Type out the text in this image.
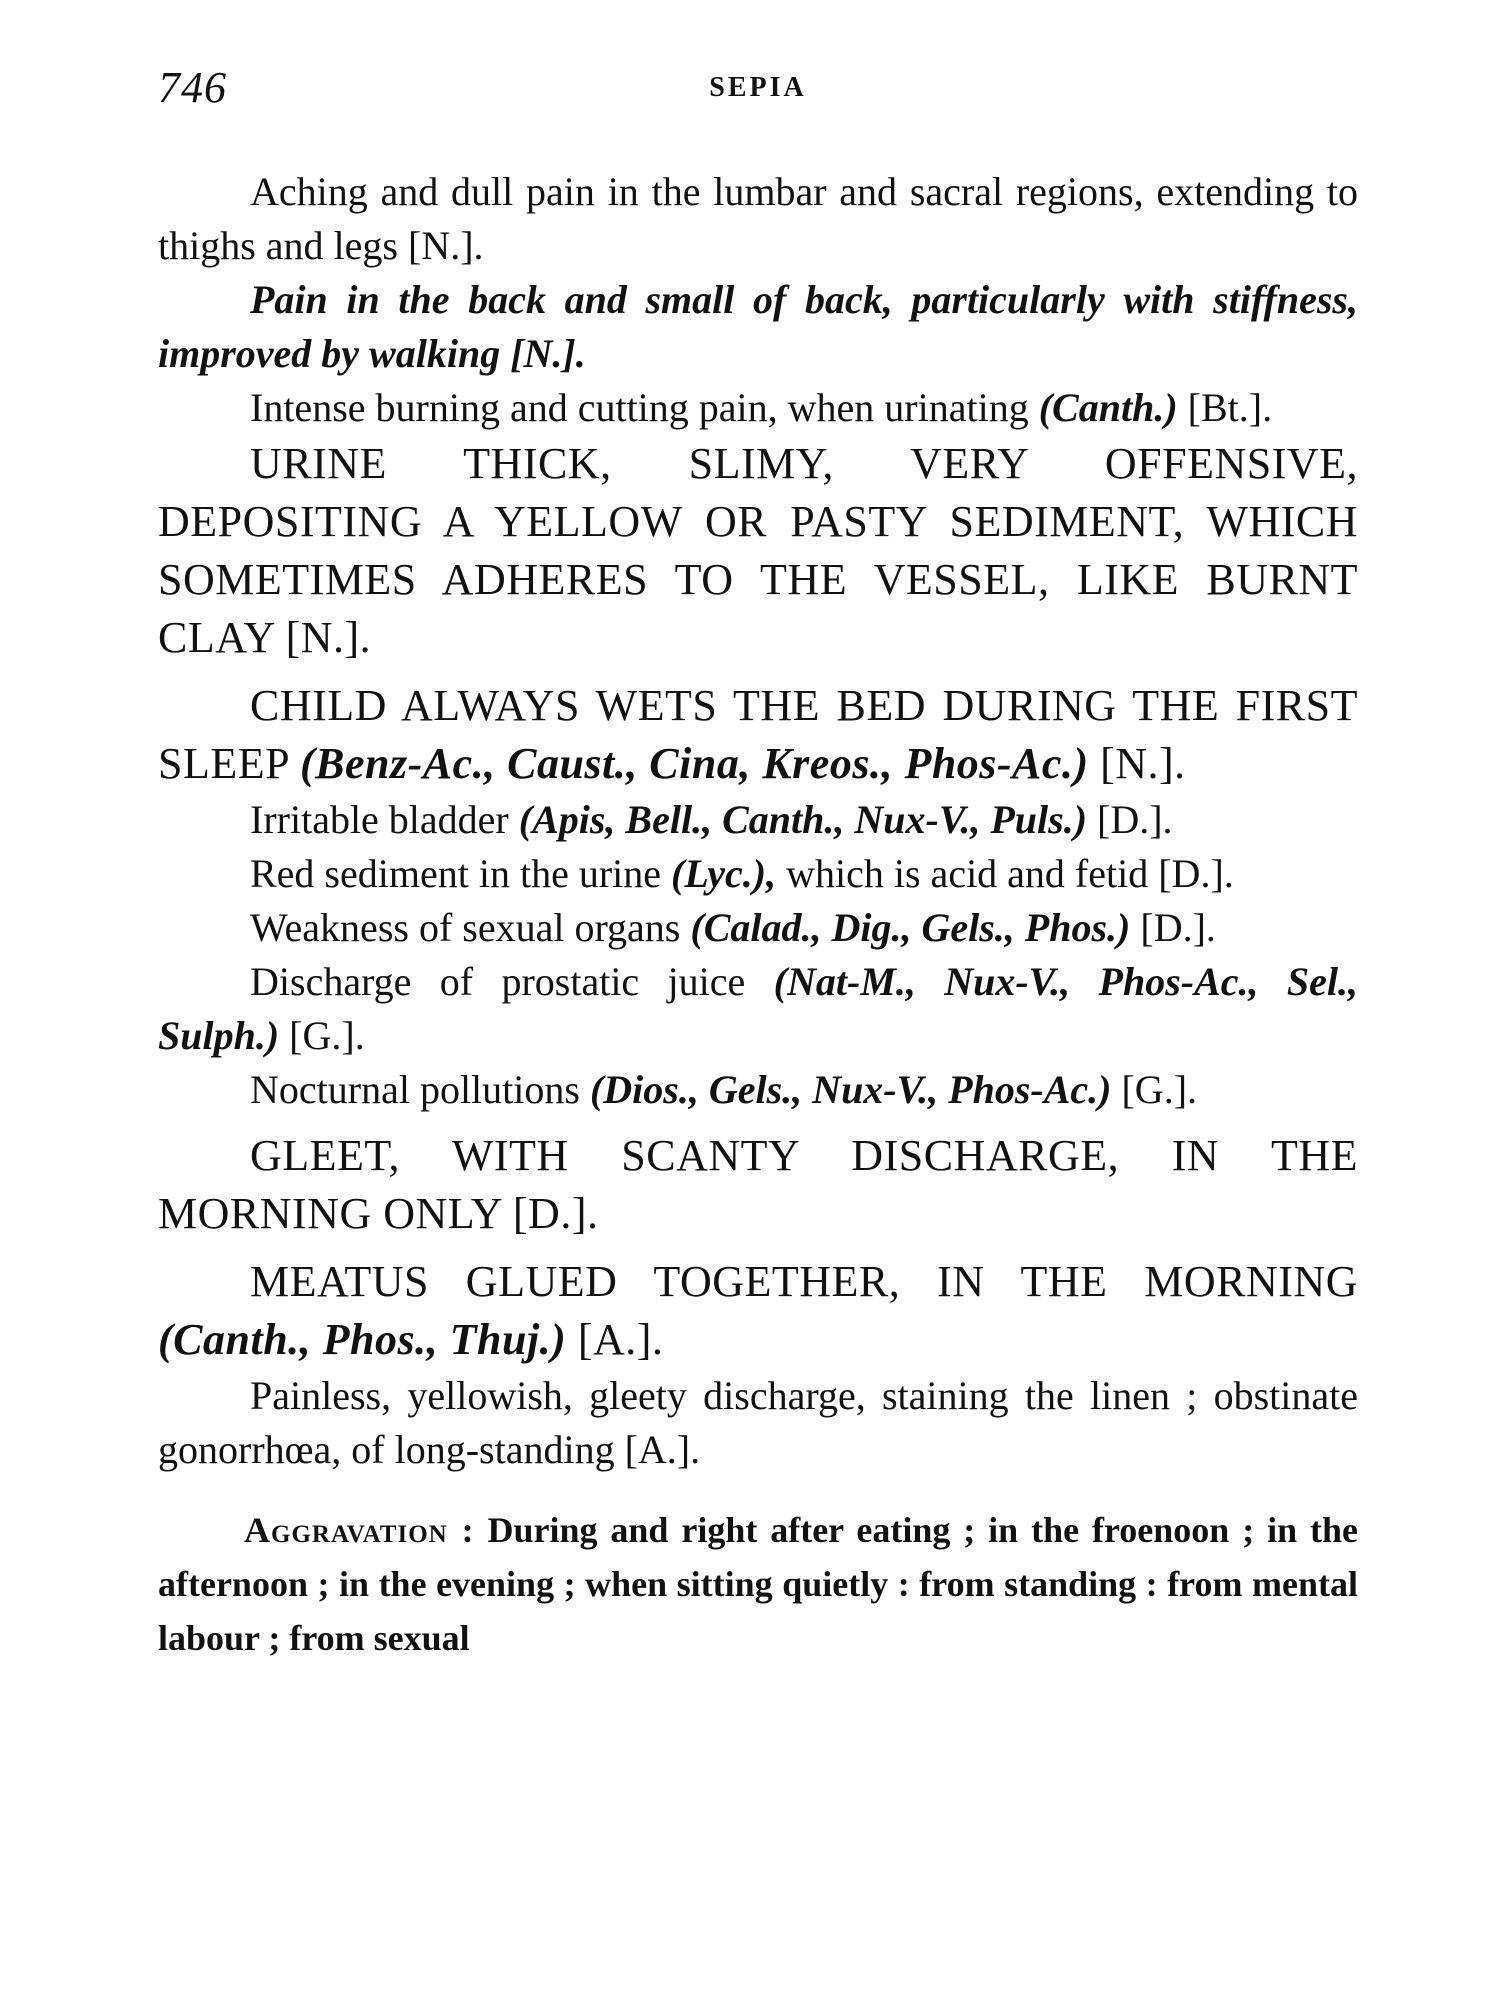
746	SEPIA

Aching and dull pain in the lumbar and sacral regions, extending to thighs and legs [N.].

Pain in the back and small of back, particularly with stiffness, improved by walking [N.].

Intense burning and cutting pain, when urinating (Canth.) [Bt.].

URINE THICK, SLIMY, VERY OFFENSIVE, DEPOSITING A YELLOW OR PASTY SEDIMENT, WHICH SOMETIMES ADHERES TO THE VESSEL, LIKE BURNT CLAY [N.].

CHILD ALWAYS WETS THE BED DURING THE FIRST SLEEP (Benz-Ac., Caust., Cina, Kreos., Phos-Ac.) [N.].

Irritable bladder (Apis, Bell., Canth., Nux-V., Puls.) [D.].

Red sediment in the urine (Lyc.), which is acid and fetid [D.].

Weakness of sexual organs (Calad., Dig., Gels., Phos.) [D.].

Discharge of prostatic juice (Nat-M., Nux-V., Phos-Ac., Sel., Sulph.) [G.].

Nocturnal pollutions (Dios., Gels., Nux-V., Phos-Ac.) [G.].

GLEET, WITH SCANTY DISCHARGE, IN THE MORNING ONLY [D.].

MEATUS GLUED TOGETHER, IN THE MORNING (Canth., Phos., Thuj.) [A.].

Painless, yellowish, gleety discharge, staining the linen ; obstinate gonorrhœa, of long-standing [A.].

Aggravation : During and right after eating ; in the froenoon ; in the afternoon ; in the evening ; when sitting quietly : from standing : from mental labour ; from sexual
